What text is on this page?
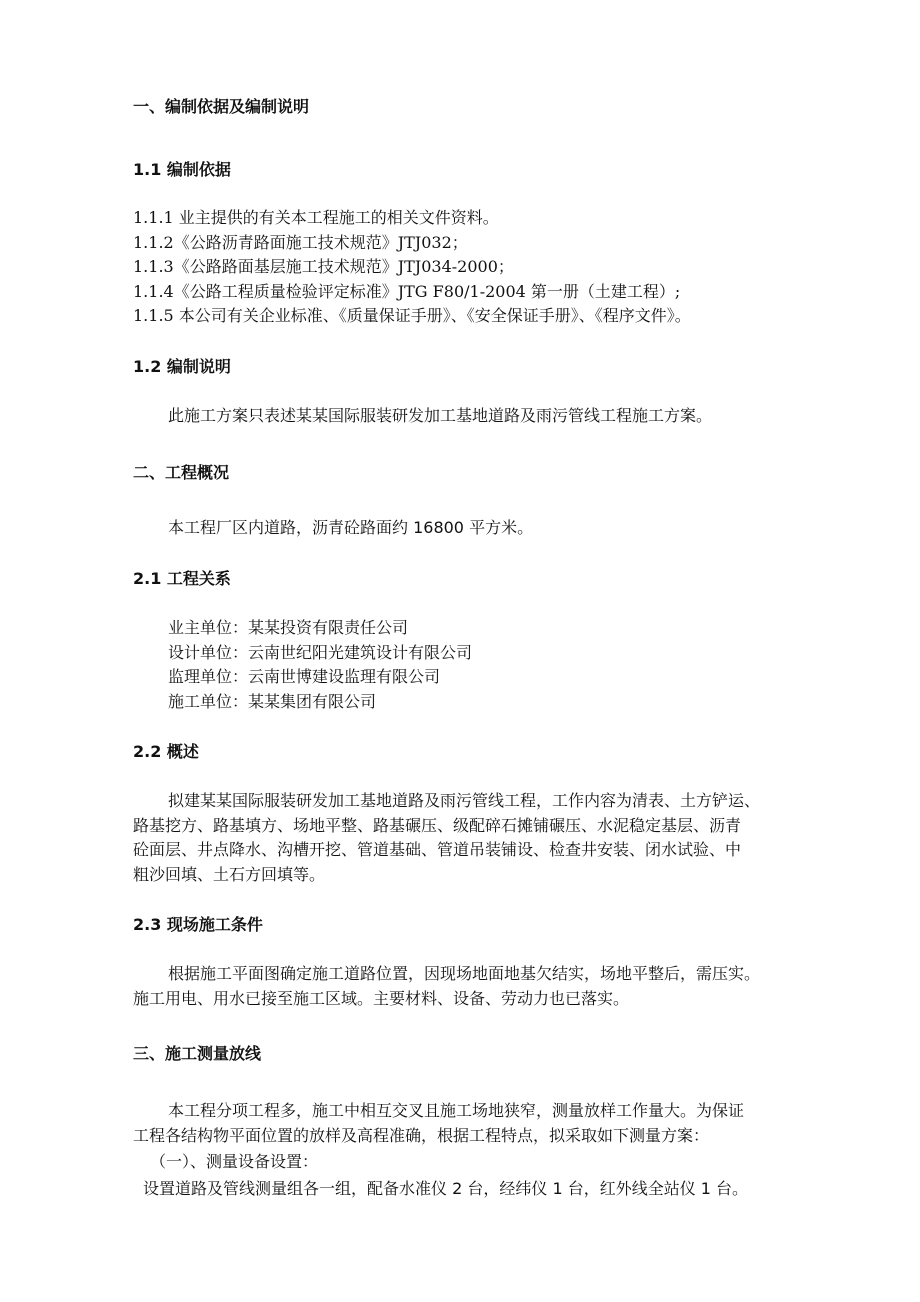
一、编制依据及编制说明
1.1 编制依据
1.1.1 业主提供的有关本工程施工的相关文件资料。
1.1.2《公路沥青路面施工技术规范》JTJ032；
1.1.3《公路路面基层施工技术规范》JTJ034-2000；
1.1.4《公路工程质量检验评定标准》JTG F80/1-2004 第一册（土建工程）;
1.1.5 本公司有关企业标准、《质量保证手册》、《安全保证手册》、《程序文件》。
1.2 编制说明
此施工方案只表述某某国际服装研发加工基地道路及雨污管线工程施工方案。
二、工程概况
本工程厂区内道路，沥青砼路面约 16800 平方米。
2.1 工程关系
业主单位：某某投资有限责任公司
设计单位：云南世纪阳光建筑设计有限公司
监理单位：云南世博建设监理有限公司
施工单位：某某集团有限公司
2.2 概述
拟建某某国际服装研发加工基地道路及雨污管线工程，工作内容为清表、土方铲运、
路基挖方、路基填方、场地平整、路基碾压、级配碎石摊铺碾压、水泥稳定基层、沥青
砼面层、井点降水、沟槽开挖、管道基础、管道吊装铺设、检查井安装、闭水试验、中
粗沙回填、土石方回填等。
2.3 现场施工条件
根据施工平面图确定施工道路位置，因现场地面地基欠结实，场地平整后，需压实。
施工用电、用水已接至施工区域。主要材料、设备、劳动力也已落实。
三、施工测量放线
本工程分项工程多，施工中相互交叉且施工场地狭窄，测量放样工作量大。为保证
工程各结构物平面位置的放样及高程准确，根据工程特点，拟采取如下测量方案：
（一）、测量设备设置：
设置道路及管线测量组各一组，配备水准仪 2 台，经纬仪 1 台，红外线全站仪 1 台。
